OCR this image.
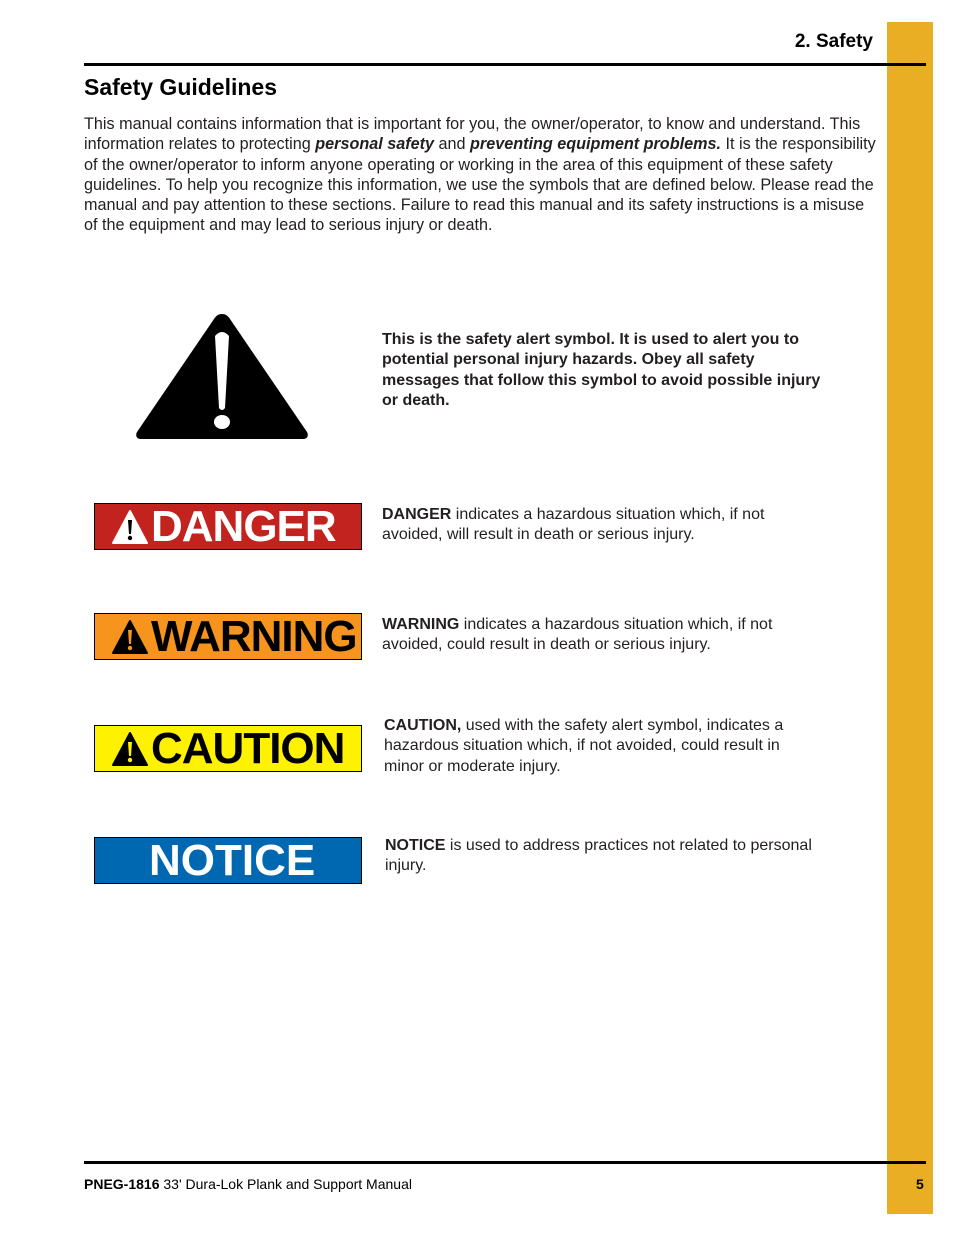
2. Safety
Safety Guidelines

This manual contains information that is important for you, the owner/operator, to know and understand. This information relates to protecting personal safety and preventing equipment problems. It is the responsibility of the owner/operator to inform anyone operating or working in the area of this equipment of these safety guidelines. To help you recognize this information, we use the symbols that are defined below. Please read the manual and pay attention to these sections. Failure to read this manual and its safety instructions is a misuse of the equipment and may lead to serious injury or death.

This is the safety alert symbol. It is used to alert you to potential personal injury hazards. Obey all safety messages that follow this symbol to avoid possible injury or death.
DANGER	DANGER indicates a hazardous situation which, if not avoided, will result in death or serious injury.
WARNING WARNING indicates a hazardous situation which, if not avoided, could result in death or serious injury.
CAUTION CAUTION, used with the safety alert symbol, indicates a hazardous situation which, if not avoided, could result in minor or moderate injury.
NOTICE	NOTICE is used to address practices not related to personal injury.
PNEG-1816 33' Dura-Lok Plank and Support Manual	5
